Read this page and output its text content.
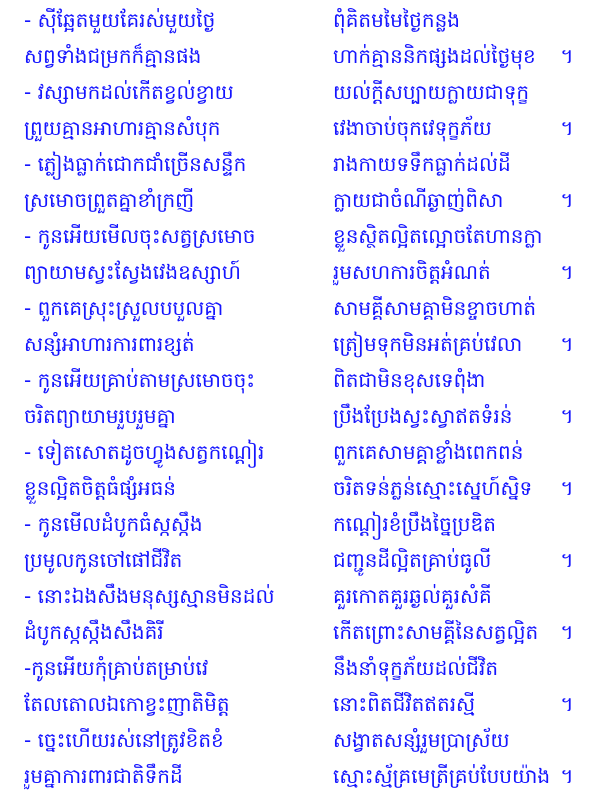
- ស៊ីឆ្អែតមួយគែរស់មួយថ្ងៃ	ពុំគិតមមៃថ្ងៃកន្លង
សព្វទាំងជម្រកក៏គ្មានផង	ហាក់គ្មាននិកផ្សងដល់ថ្ងៃមុខ	។
- វស្សាមកដល់កើតខ្វល់ខ្វាយ	យល់ក្ដីសប្បាយក្លាយជាទុក្ខ
ព្រួយគ្មានអាហារគ្មានសំបុក	វេងាចាប់ចុកវេទុក្ខភ័យ	។
- ភ្លៀងធ្លាក់ជោកជាំច្រើនសន្ទឹក	រាងកាយទទឹកធ្លាក់ដល់ដី
ស្រមោចព្រួតគ្នាខាំក្រញី	ក្លាយជាចំណីឆ្ងាញ់ពិសា	។
- កូនអើយមើលចុះសត្វស្រមោច	ខ្លួនស្ថិតល្អិតល្អោចតែហានក្លា
ព្យាយាមស្វះស្វែងវេងឧស្សាហ៍	រួមសហការចិត្តអំណត់	។
- ពួកគេស្រុះស្រួលបបួលគ្នា	សាមគ្គីសាមគ្គាមិនខ្ចាចហាត់
សន្សំអាហារការពារខ្សត់	ត្រៀមទុកមិនអត់គ្រប់វេលា	។
- កូនអើយគ្រាប់តាមស្រមោចចុះ	ពិតជាមិនខុសទេពុំងា
ចរិតព្យាយាមរួបរួមគ្នា	ប្រឹងប្រែងស្វះស្វាឥតទំរន់	។
- ទៀតសោតដូចហ្វូងសត្វកណ្ដៀរ	ពួកគេសាមគ្គាខ្លាំងពេកពន់
ខ្លួនល្អិតចិត្តធំផ្សំអធន់	ចរិតទន់ភ្លន់ស្មោះស្នេហ៍ស្និទ	។
- កូនមើលដំបូកធំស្កស្កឹង	កណ្ដៀរខំប្រឹងច្នៃប្រឌិត
ប្រមូលកូនចៅផៅជីវិត	ជញ្ជូនដីល្អិតគ្រាប់ធូលី	។
- នោះឯងសឹងមនុស្សស្មានមិនដល់	គួរកោតគួរឆ្ងល់គួរសំគី
ដំបូកស្កស្កឹងសឹងគិរី	កើតព្រោះសាមគ្គីនៃសត្វល្អិត	។
-កូនអើយកុំគ្រាប់តម្រាប់វេ	នឹងនាំទុក្ខភ័យដល់ជីវិត
តែលតោលឯកោខ្វះញាតិមិត្ត	នោះពិតជីវិតឥតរស្មី	។
- ច្នេះហើយរស់នៅត្រូវខិតខំ	សង្វាតសន្សំរួមប្រាស្រ័យ
រួមគ្នាការពារជាតិទឹកដី	ស្មោះស្ម័គ្រមេត្រីគ្រប់បែបយ៉ាង ។
